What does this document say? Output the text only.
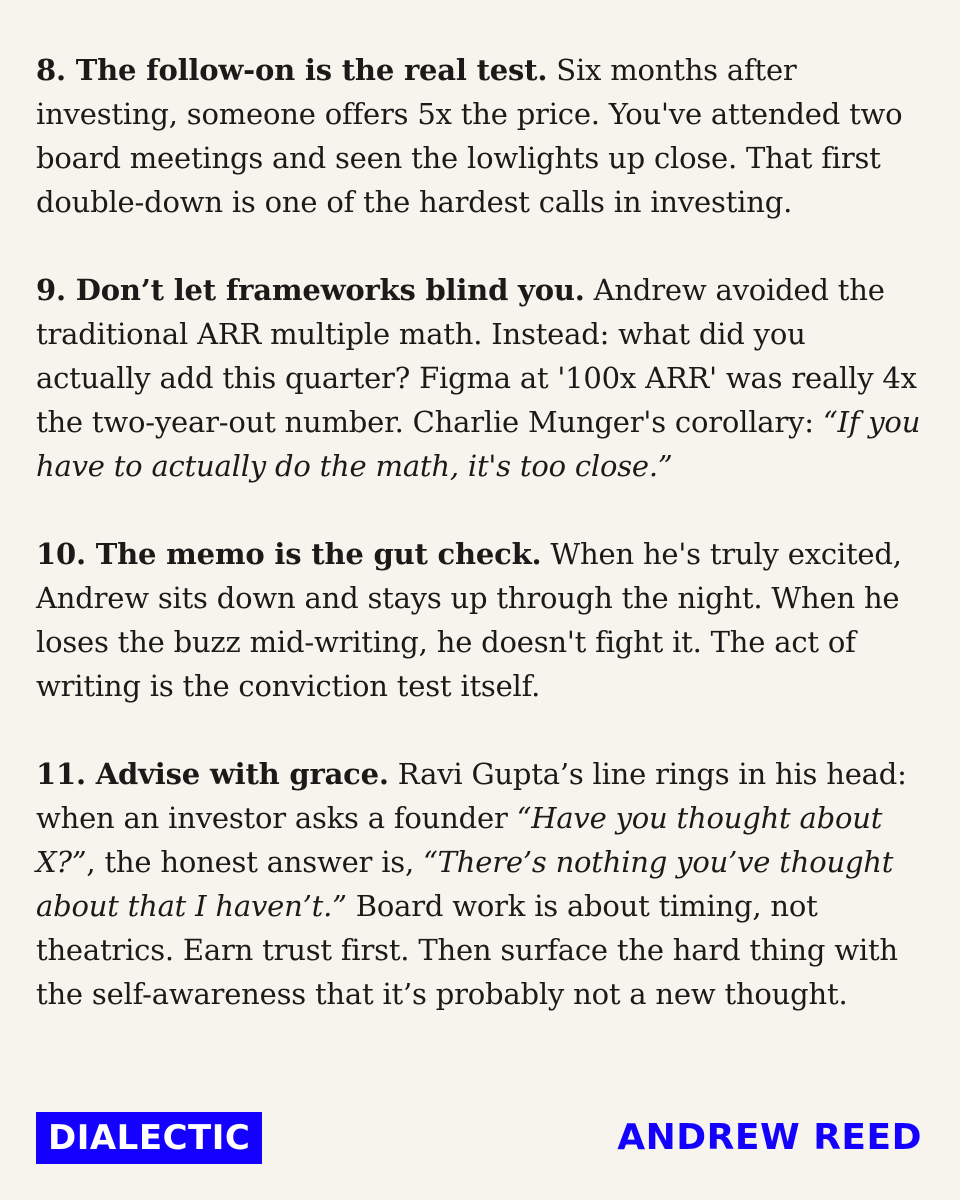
8. The follow-on is the real test. Six months after investing, someone offers 5x the price. You've attended two board meetings and seen the lowlights up close. That first double-down is one of the hardest calls in investing.

9. Don’t let frameworks blind you. Andrew avoided the traditional ARR multiple math. Instead: what did you actually add this quarter? Figma at '100x ARR' was really 4x the two-year-out number. Charlie Munger's corollary: “If you have to actually do the math, it's too close.”

10. The memo is the gut check. When he's truly excited, Andrew sits down and stays up through the night. When he loses the buzz mid-writing, he doesn't fight it. The act of writing is the conviction test itself.

11. Advise with grace. Ravi Gupta’s line rings in his head: when an investor asks a founder “Have you thought about X?”, the honest answer is, “There’s nothing you’ve thought about that I haven’t.” Board work is about timing, not theatrics. Earn trust first. Then surface the hard thing with the self-awareness that it’s probably not a new thought.

DIALECTIC	ANDREW REED
